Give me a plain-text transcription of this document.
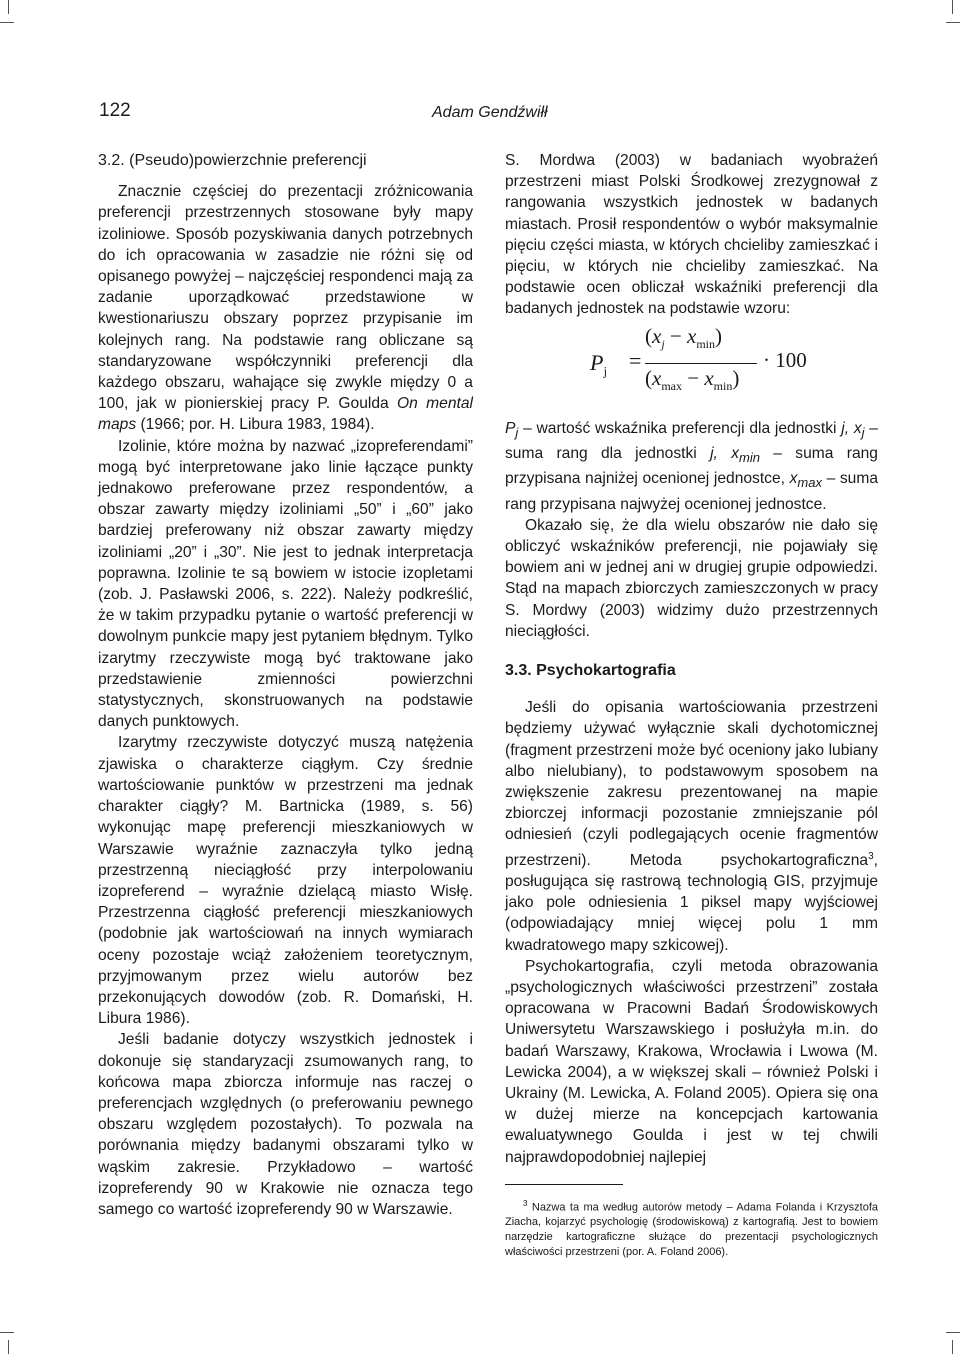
122	Adam Gendźwiłł
3.2. (Pseudo)powierzchnie preferencji

Znacznie częściej do prezentacji zróżnicowania preferencji przestrzennych stosowane były mapy izoliniowe. Sposób pozyskiwania danych potrzebnych do ich opracowania w zasadzie nie różni się od opisanego powyżej – najczęściej respondenci mają za zadanie uporządkować przedstawione w kwestionariuszu obszary poprzez przypisanie im kolejnych rang. Na podstawie rang obliczane są standaryzowane współczynniki preferencji dla każdego obszaru, wahające się zwykle między 0 a 100, jak w pionierskiej pracy P. Goulda On mental maps (1966; por. H. Libura 1983, 1984).

Izolinie, które można by nazwać „izopreferendami” mogą być interpretowane jako linie łączące punkty jednakowo preferowane przez respondentów, a obszar zawarty między izoliniami „50” i „60” jako bardziej preferowany niż obszar zawarty między izoliniami „20” i „30”. Nie jest to jednak interpretacja poprawna. Izolinie te są bowiem w istocie izopletami (zob. J. Pasławski 2006, s. 222). Należy podkreślić, że w takim przypadku pytanie o wartość preferencji w dowolnym punkcie mapy jest pytaniem błędnym. Tylko izarytmy rzeczywiste mogą być traktowane jako przedstawienie zmienności powierzchni statystycznych, skonstruowanych na podstawie danych punktowych.

Izarytmy rzeczywiste dotyczyć muszą natężenia zjawiska o charakterze ciągłym. Czy średnie wartościowanie punktów w przestrzeni ma jednak charakter ciągły? M. Bartnicka (1989, s. 56) wykonując mapę preferencji mieszkaniowych w Warszawie wyraźnie zaznaczyła tylko jedną przestrzenną nieciągłość przy interpolowaniu izopreferend – wyraźnie dzielącą miasto Wisłę. Przestrzenna ciągłość preferencji mieszkaniowych (podobnie jak wartościowań na innych wymiarach oceny pozostaje wciąż założeniem teoretycznym, przyjmowanym przez wielu autorów bez przekonujących dowodów (zob. R. Domański, H. Libura 1986).

Jeśli badanie dotyczy wszystkich jednostek i dokonuje się standaryzacji zsumowanych rang, to końcowa mapa zbiorcza informuje nas raczej o preferencjach względnych (o preferowaniu pewnego obszaru względem pozostałych). To pozwala na porównania między badanymi obszarami tylko w wąskim zakresie. Przykładowo – wartość izopreferendy 90 w Krakowie nie oznacza tego samego co wartość izopreferendy 90 w Warszawie.

S. Mordwa (2003) w badaniach wyobrażeń przestrzeni miast Polski Środkowej zrezygnował z rangowania wszystkich jednostek w badanych miastach. Prosił respondentów o wybór maksymalnie pięciu części miasta, w których chcieliby zamieszkać i pięciu, w których nie chcieliby zamieszkać. Na podstawie ocen obliczał wskaźniki preferencji dla badanych jednostek na podstawie wzoru:

$P_j$ =
$(x_j - x_{min})$
$(x_{max} - x_{min})$
· 100

$P_j$ – wartość wskaźnika preferencji dla jednostki j, $x_j$ – suma rang dla jednostki j, $x_{min}$ – suma rang przypisana najniżej ocenionej jednostce, $x_{max}$ – suma rang przypisana najwyżej ocenionej jednostce.

Okazało się, że dla wielu obszarów nie dało się obliczyć wskaźników preferencji, nie pojawiały się bowiem ani w jednej ani w drugiej grupie odpowiedzi. Stąd na mapach zbiorczych zamieszczonych w pracy S. Mordwy (2003) widzimy dużo przestrzennych nieciągłości.

3.3. Psychokartografia

Jeśli do opisania wartościowania przestrzeni będziemy używać wyłącznie skali dychotomicznej (fragment przestrzeni może być oceniony jako lubiany albo nielubiany), to podstawowym sposobem na zwiększenie zakresu prezentowanej na mapie zbiorczej informacji pozostanie zmniejszanie pól odniesień (czyli podlegających ocenie fragmentów przestrzeni). Metoda psychokartograficzna$^3$, posługująca się rastrową technologią GIS, przyjmuje jako pole odniesienia 1 piksel mapy wyjściowej (odpowiadający mniej więcej polu 1 mm kwadratowego mapy szkicowej).

Psychokartografia, czyli metoda obrazowania „psychologicznych właściwości przestrzeni” została opracowana w Pracowni Badań Środowiskowych Uniwersytetu Warszawskiego i posłużyła m.in. do badań Warszawy, Krakowa, Wrocławia i Lwowa (M. Lewicka 2004), a w większej skali – również Polski i Ukrainy (M. Lewicka, A. Foland 2005). Opiera się ona w dużej mierze na koncepcjach kartowania ewaluatywnego Goulda i jest w tej chwili najprawdopodobniej najlepiej

$^3$ Nazwa ta ma według autorów metody – Adama Folanda i Krzysztofa Ziacha, kojarzyć psychologię (środowiskową) z kartografią. Jest to bowiem narzędzie kartograficzne służące do prezentacji psychologicznych właściwości przestrzeni (por. A. Foland 2006).
